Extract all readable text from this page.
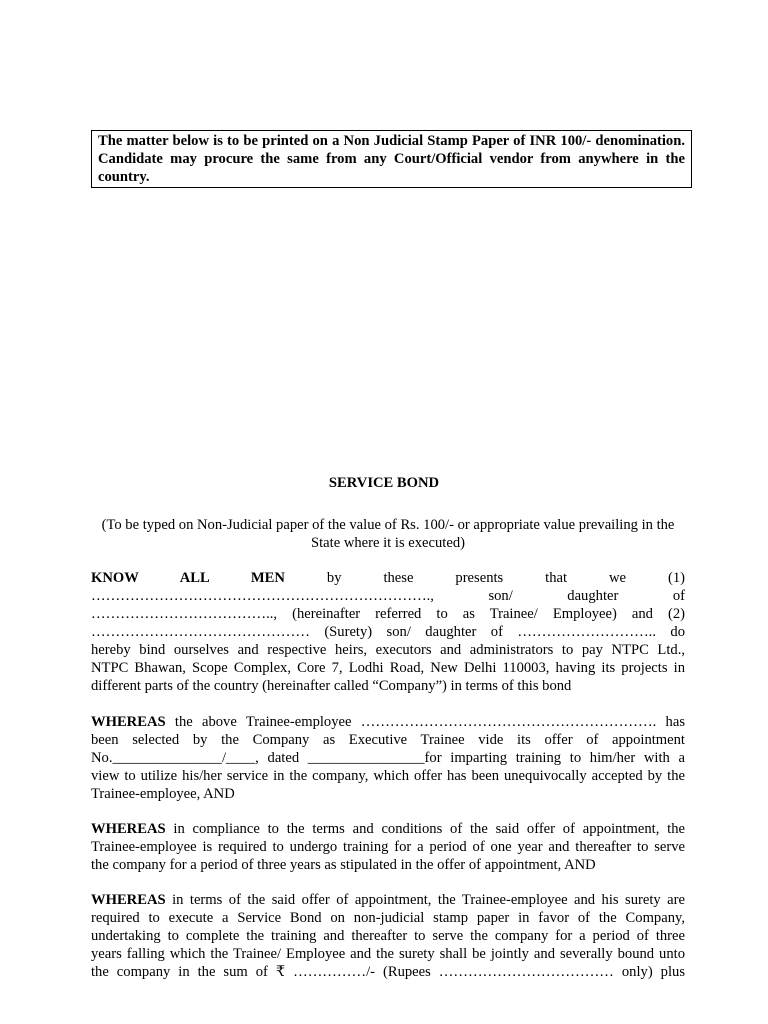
The matter below is to be printed on a Non Judicial Stamp Paper of INR 100/- denomination. Candidate may procure the same from any Court/Official vendor from anywhere in the country.
SERVICE BOND
(To be typed on Non-Judicial paper of the value of Rs. 100/- or appropriate value prevailing in the State where it is executed)
KNOW ALL MEN	by these presents that we (1)
……………………………………………………………., son/ daughter of
……………………………….., (hereinafter referred to as Trainee/ Employee) and (2)
……………………………………… (Surety) son/ daughter of ……………………….. do
hereby bind ourselves and respective heirs, executors and administrators to pay NTPC Ltd.,
NTPC Bhawan, Scope Complex, Core 7, Lodhi Road, New Delhi 110003, having its projects in
different parts of the country (hereinafter called “Company”) in terms of this bond
WHEREAS the above Trainee-employee ……………………………………………………. has
been selected by the Company as Executive Trainee vide its offer of appointment
No._______________/____, dated ________________for imparting training to him/her with a
view to utilize his/her service in the company, which offer has been unequivocally accepted by the
Trainee-employee, AND
WHEREAS in compliance to the terms and conditions of the said offer of appointment, the
Trainee-employee is required to undergo training for a period of one year and thereafter to serve
the company for a period of three years as stipulated in the offer of appointment, AND
WHEREAS in terms of the said offer of appointment, the Trainee-employee and his surety are
required to execute a Service Bond on non-judicial stamp paper in favor of the Company,
undertaking to complete the training and thereafter to serve the company for a period of three
years falling which the Trainee/ Employee and the surety shall be jointly and severally bound unto
the company in the sum of ₹ ……………/- (Rupees ……………………………… only) plus
